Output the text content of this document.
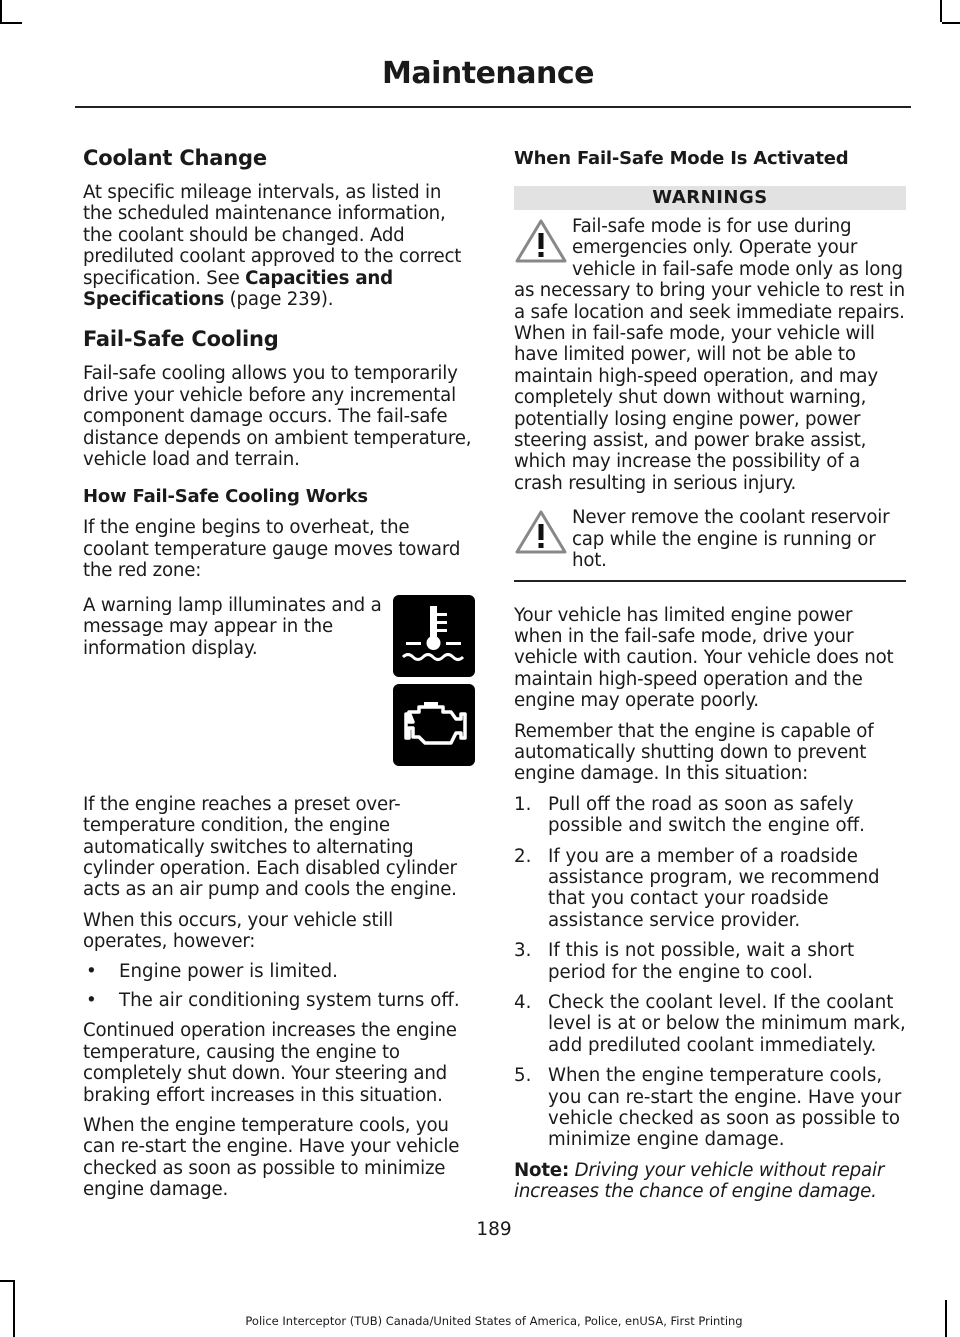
Maintenance
Coolant Change

At specific mileage intervals, as listed in the scheduled maintenance information, the coolant should be changed. Add prediluted coolant approved to the correct specification. See Capacities and Specifications (page 239).

Fail-Safe Cooling

Fail-safe cooling allows you to temporarily drive your vehicle before any incremental component damage occurs. The fail-safe distance depends on ambient temperature, vehicle load and terrain.

How Fail-Safe Cooling Works

If the engine begins to overheat, the coolant temperature gauge moves toward the red zone:

A warning lamp illuminates and a message may appear in the information display.

If the engine reaches a preset over-temperature condition, the engine automatically switches to alternating cylinder operation. Each disabled cylinder acts as an air pump and cools the engine.

When this occurs, your vehicle still operates, however:

•	Engine power is limited.
•	The air conditioning system turns off.

Continued operation increases the engine temperature, causing the engine to completely shut down. Your steering and braking effort increases in this situation.

When the engine temperature cools, you can re-start the engine. Have your vehicle checked as soon as possible to minimize engine damage.

When Fail-Safe Mode Is Activated
WARNINGS
Fail-safe mode is for use during emergencies only. Operate your vehicle in fail-safe mode only as long as necessary to bring your vehicle to rest in a safe location and seek immediate repairs. When in fail-safe mode, your vehicle will have limited power, will not be able to maintain high-speed operation, and may completely shut down without warning, potentially losing engine power, power steering assist, and power brake assist, which may increase the possibility of a crash resulting in serious injury.
Never remove the coolant reservoir cap while the engine is running or hot.

Your vehicle has limited engine power when in the fail-safe mode, drive your vehicle with caution. Your vehicle does not maintain high-speed operation and the engine may operate poorly.

Remember that the engine is capable of automatically shutting down to prevent engine damage. In this situation:

1. Pull off the road as soon as safely possible and switch the engine off.
2. If you are a member of a roadside assistance program, we recommend that you contact your roadside assistance service provider.
3. If this is not possible, wait a short period for the engine to cool.
4. Check the coolant level. If the coolant level is at or below the minimum mark, add prediluted coolant immediately.
5. When the engine temperature cools, you can re-start the engine. Have your vehicle checked as soon as possible to minimize engine damage.

Note: Driving your vehicle without repair increases the chance of engine damage.

189
Police Interceptor (TUB) Canada/United States of America, Police, enUSA, First Printing
